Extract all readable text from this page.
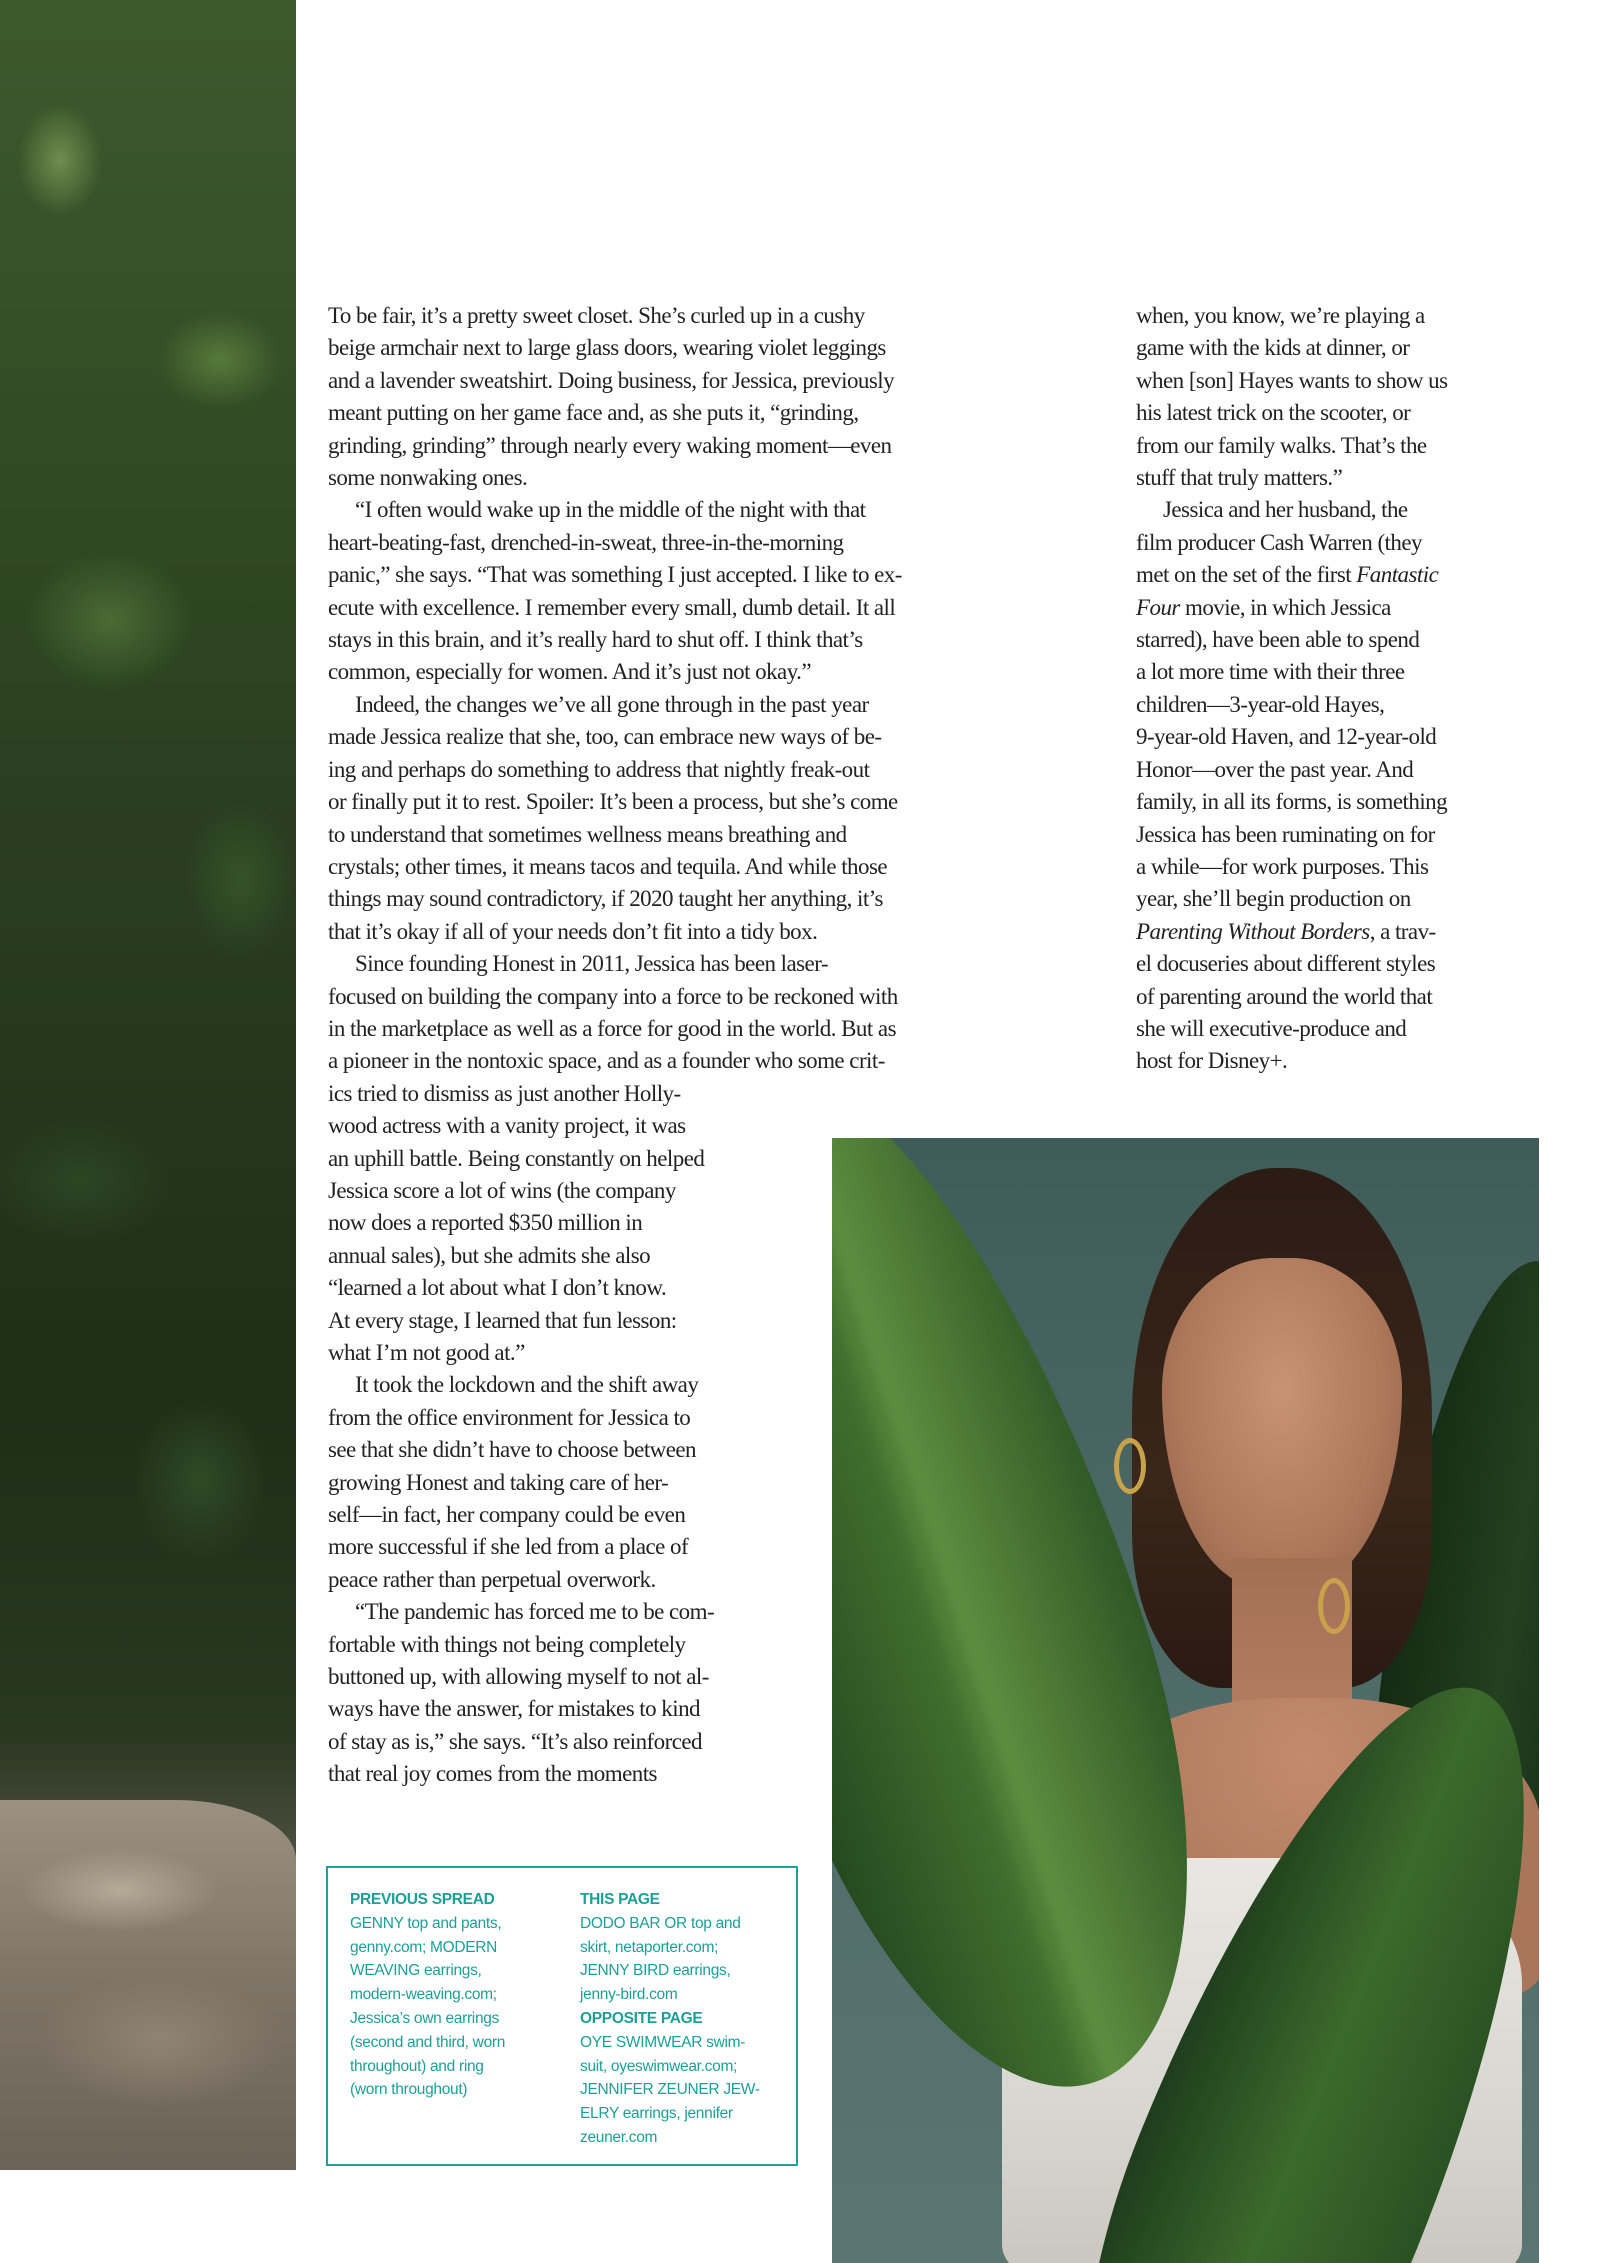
To be fair, it’s a pretty sweet closet. She’s curled up in a cushy

beige armchair next to large glass doors, wearing violet leggings

and a lavender sweatshirt. Doing business, for Jessica, previously

meant putting on her game face and, as she puts it, “grinding,

grinding, grinding” through nearly every waking moment—even

some nonwaking ones.

“I often would wake up in the middle of the night with that

heart-beating-fast, drenched-in-sweat, three-in-the-morning

panic,” she says. “That was something I just accepted. I like to ex-

ecute with excellence. I remember every small, dumb detail. It all

stays in this brain, and it’s really hard to shut off. I think that’s

common, especially for women. And it’s just not okay.”

Indeed, the changes we’ve all gone through in the past year

made Jessica realize that she, too, can embrace new ways of be-

ing and perhaps do something to address that nightly freak-out

or finally put it to rest. Spoiler: It’s been a process, but she’s come

to understand that sometimes wellness means breathing and

crystals; other times, it means tacos and tequila. And while those

things may sound contradictory, if 2020 taught her anything, it’s

that it’s okay if all of your needs don’t fit into a tidy box.

Since founding Honest in 2011, Jessica has been laser-

focused on building the company into a force to be reckoned with

in the marketplace as well as a force for good in the world. But as

a pioneer in the nontoxic space, and as a founder who some crit-

ics tried to dismiss as just another Holly-

wood actress with a vanity project, it was

an uphill battle. Being constantly on helped

Jessica score a lot of wins (the company

now does a reported $350 million in

annual sales), but she admits she also

“learned a lot about what I don’t know.

At every stage, I learned that fun lesson:

what I’m not good at.”

It took the lockdown and the shift away

from the office environment for Jessica to

see that she didn’t have to choose between

growing Honest and taking care of her-

self—in fact, her company could be even

more successful if she led from a place of

peace rather than perpetual overwork.

“The pandemic has forced me to be com-

fortable with things not being completely

buttoned up, with allowing myself to not al-

ways have the answer, for mistakes to kind

of stay as is,” she says. “It’s also reinforced

that real joy comes from the moments

when, you know, we’re playing a

game with the kids at dinner, or

when [son] Hayes wants to show us

his latest trick on the scooter, or

from our family walks. That’s the

stuff that truly matters.”

Jessica and her husband, the

film producer Cash Warren (they

met on the set of the first Fantastic

Four movie, in which Jessica

starred), have been able to spend

a lot more time with their three

children—3-year-old Hayes,

9-year-old Haven, and 12-year-old

Honor—over the past year. And

family, in all its forms, is something

Jessica has been ruminating on for

a while—for work purposes. This

year, she’ll begin production on

Parenting Without Borders, a trav-

el docuseries about different styles

of parenting around the world that

she will executive-produce and

host for Disney+.

PREVIOUS SPREAD

GENNY top and pants,

genny.com; MODERN

WEAVING earrings,

modern-weaving.com;

Jessica’s own earrings

(second and third, worn

throughout) and ring

(worn throughout)

THIS PAGE

DODO BAR OR top and

skirt, netaporter.com;

JENNY BIRD earrings,

jenny-bird.com

OPPOSITE PAGE

OYE SWIMWEAR swim-

suit, oyeswimwear.com;

JENNIFER ZEUNER JEW-

ELRY earrings, jennifer

zeuner.com
